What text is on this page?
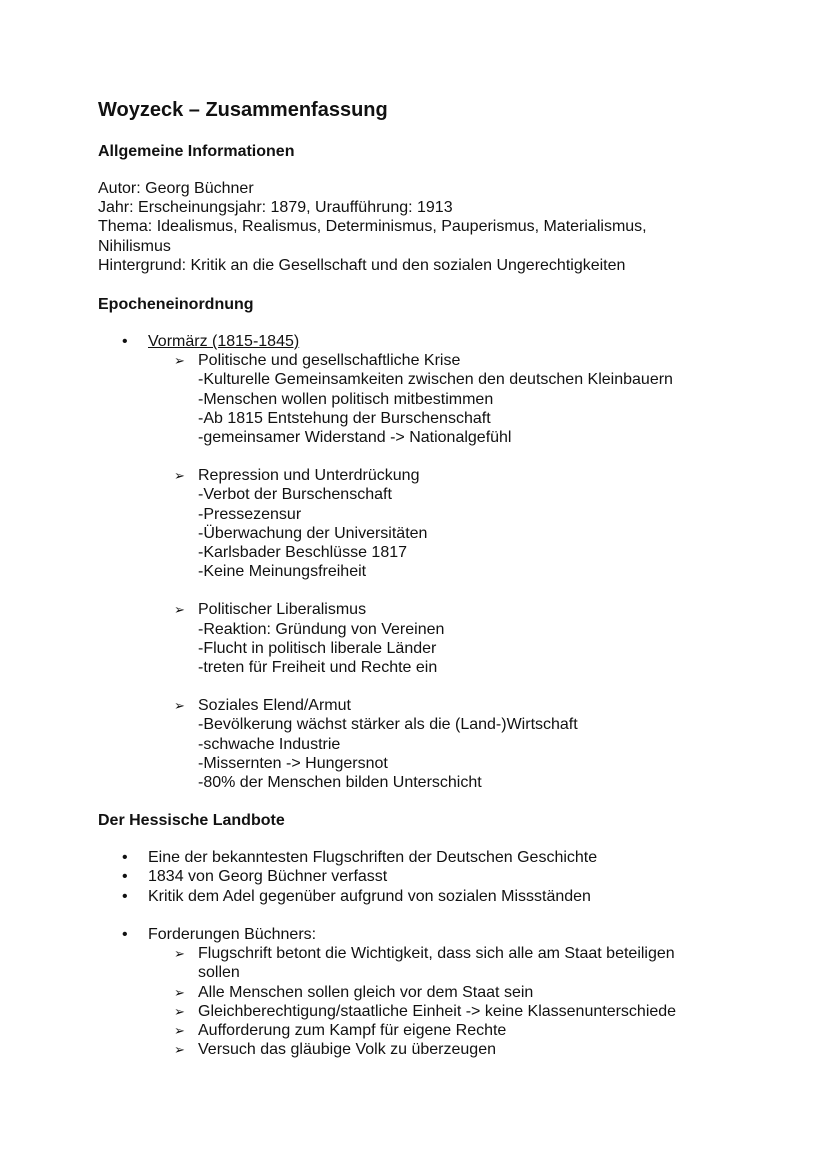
Woyzeck – Zusammenfassung
Allgemeine Informationen

Autor: Georg Büchner

Jahr: Erscheinungsjahr: 1879, Uraufführung: 1913

Thema: Idealismus, Realismus, Determinismus, Pauperismus, Materialismus,

Nihilismus

Hintergrund: Kritik an die Gesellschaft und den sozialen Ungerechtigkeiten

Epocheneinordnung
• Vormärz (1815-1845)
➢ Politische und gesellschaftliche Krise

-Kulturelle Gemeinsamkeiten zwischen den deutschen Kleinbauern

-Menschen wollen politisch mitbestimmen

-Ab 1815 Entstehung der Burschenschaft

-gemeinsamer Widerstand -> Nationalgefühl

➢ Repression und Unterdrückung

-Verbot der Burschenschaft

-Pressezensur

-Überwachung der Universitäten

-Karlsbader Beschlüsse 1817

-Keine Meinungsfreiheit

➢ Politischer Liberalismus

-Reaktion: Gründung von Vereinen

-Flucht in politisch liberale Länder

-treten für Freiheit und Rechte ein

➢ Soziales Elend/Armut

-Bevölkerung wächst stärker als die (Land-)Wirtschaft

-schwache Industrie

-Missernten -> Hungersnot

-80% der Menschen bilden Unterschicht

Der Hessische Landbote
• Eine der bekanntesten Flugschriften der Deutschen Geschichte
• 1834 von Georg Büchner verfasst
• Kritik dem Adel gegenüber aufgrund von sozialen Missständen
• Forderungen Büchners:
➢ Flugschrift betont die Wichtigkeit, dass sich alle am Staat beteiligen

sollen

➢ Alle Menschen sollen gleich vor dem Staat sein

➢ Gleichberechtigung/staatliche Einheit -> keine Klassenunterschiede

➢ Aufforderung zum Kampf für eigene Rechte

➢ Versuch das gläubige Volk zu überzeugen
